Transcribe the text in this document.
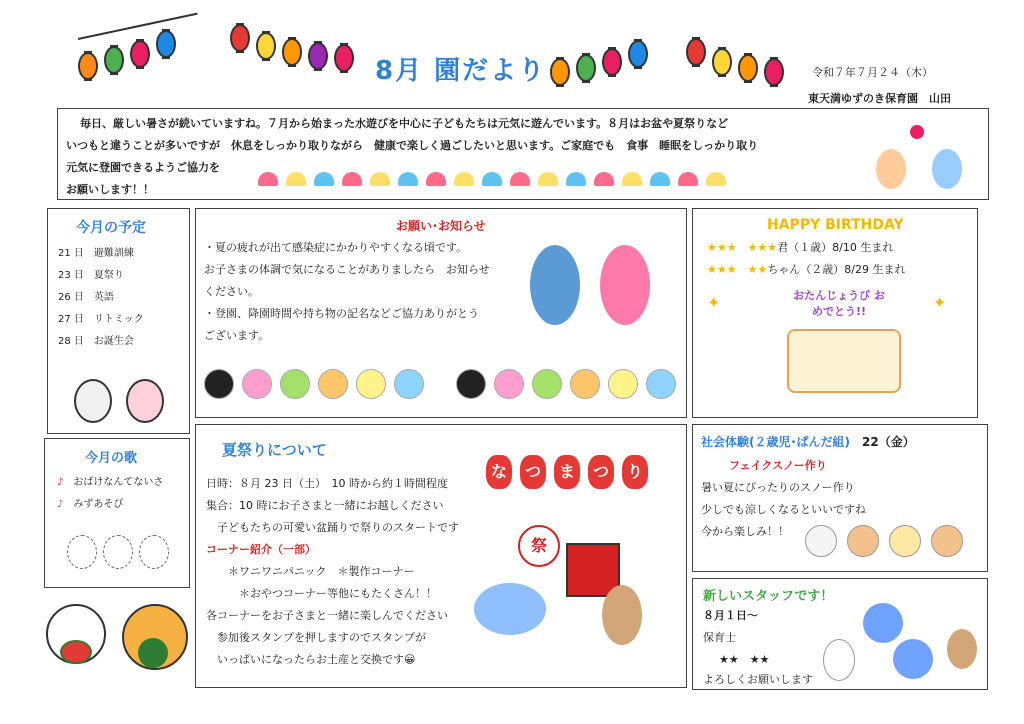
8月 園だより	令和７年７月２４（木）
東天満ゆずのき保育園　山田
毎日、厳しい暑さが続いていますね。７月から始まった水遊びを中心に子どもたちは元気に遊んでいます。８月はお盆や夏祭りなど
いつもと違うことが多いですが　休息をしっかり取りながら　健康で楽しく過ごしたいと思います。ご家庭でも　食事　睡眠をしっかり取り
元気に登園できるようご協力を
お願いします！！
今月の予定
21 日　 避難訓練
23 日　 夏祭り
26 日　 英語
27 日　 リトミック
28 日　 お誕生会
お願い･お知らせ
・夏の疲れが出て感染症にかかりやすくなる頃です。
お子さまの体調で気になることがありましたら　お知らせ
ください。
・登園、降園時間や持ち物の記名などご協力ありがとう
ございます。
HAPPY BIRTHDAY
★★★　★★★君（１歳）8/10 生まれ
★★★　★★ちゃん（２歳）8/29 生まれ
おたんじょうび おめでとう!!
✦	✦
今月の歌
♪　 おばけなんてないさ
♪　 みずあそび
夏祭りについて
な	つ	ま	つ	り
日時：８月 23 日（土）　10 時から約１時間程度
集合：10 時にお子さまと一緒にお越しください
　子どもたちの可愛い盆踊りで祭りのスタートです
コーナー紹介（一部）
　　＊ワニワニパニック　＊製作コーナー
　　　＊おやつコーナー等他にもたくさん！！
各コーナーをお子さまと一緒に楽しんでください
　参加後スタンプを押しますのでスタンプが
　いっぱいになったらお土産と交換です😀
祭
社会体験(２歳児･ぱんだ組)　 22（金）
フェイクスノー作り
暑い夏にぴったりのスノー作り
少しでも涼しくなるといいですね
今から楽しみ！！
新しいスタッフです！
８月１日～
保育士
★★　★★
よろしくお願いします
